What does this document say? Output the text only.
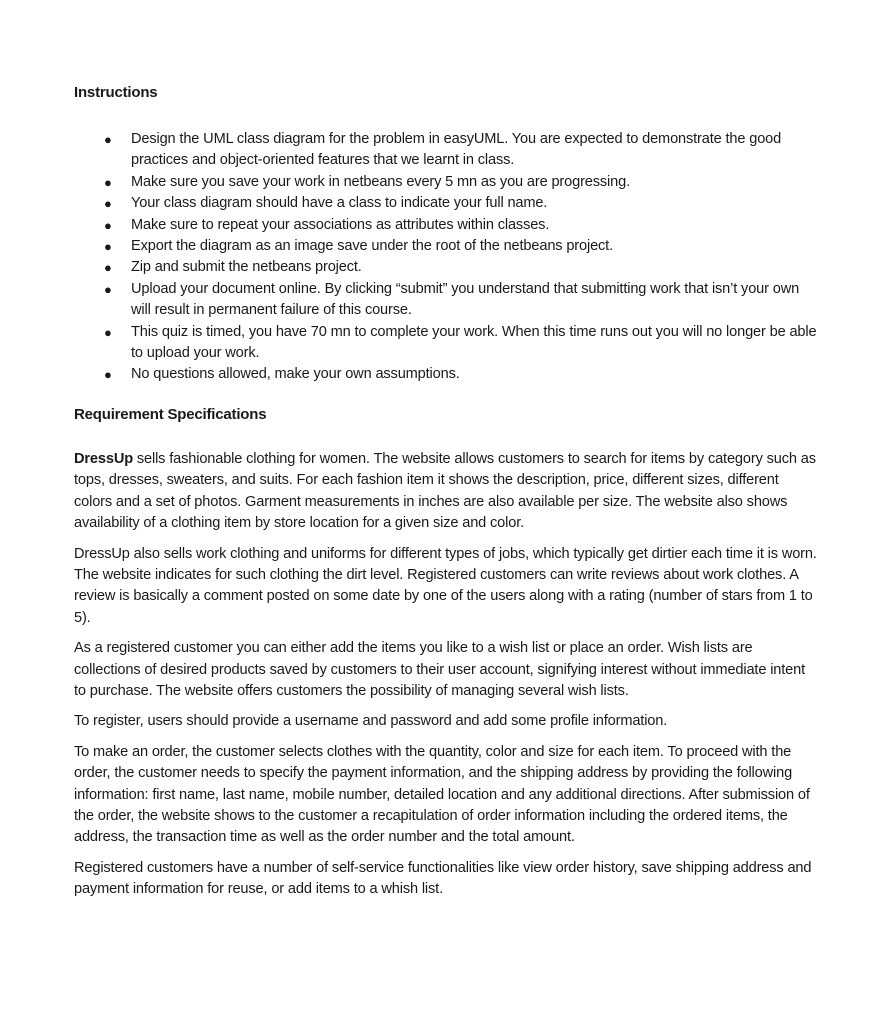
Instructions

● Design the UML class diagram for the problem in easyUML. You are expected to demonstrate the good practices and object-oriented features that we learnt in class.
● Make sure you save your work in netbeans every 5 mn as you are progressing.
● Your class diagram should have a class to indicate your full name.
● Make sure to repeat your associations as attributes within classes.
● Export the diagram as an image save under the root of the netbeans project.
● Zip and submit the netbeans project.
● Upload your document online. By clicking “submit” you understand that submitting work that isn’t your own will result in permanent failure of this course.
● This quiz is timed, you have 70 mn to complete your work. When this time runs out you will no longer be able to upload your work.
● No questions allowed, make your own assumptions.

Requirement Specifications

DressUp sells fashionable clothing for women. The website allows customers to search for items by category such as tops, dresses, sweaters, and suits. For each fashion item it shows the description, price, different sizes, different colors and a set of photos. Garment measurements in inches are also available per size. The website also shows availability of a clothing item by store location for a given size and color.

DressUp also sells work clothing and uniforms for different types of jobs, which typically get dirtier each time it is worn. The website indicates for such clothing the dirt level. Registered customers can write reviews about work clothes. A review is basically a comment posted on some date by one of the users along with a rating (number of stars from 1 to 5).

As a registered customer you can either add the items you like to a wish list or place an order. Wish lists are collections of desired products saved by customers to their user account, signifying interest without immediate intent to purchase. The website offers customers the possibility of managing several wish lists.

To register, users should provide a username and password and add some profile information.

To make an order, the customer selects clothes with the quantity, color and size for each item. To proceed with the order, the customer needs to specify the payment information, and the shipping address by providing the following information: first name, last name, mobile number, detailed location and any additional directions. After submission of the order, the website shows to the customer a recapitulation of order information including the ordered items, the address, the transaction time as well as the order number and the total amount.

Registered customers have a number of self-service functionalities like view order history, save shipping address and payment information for reuse, or add items to a whish list.
